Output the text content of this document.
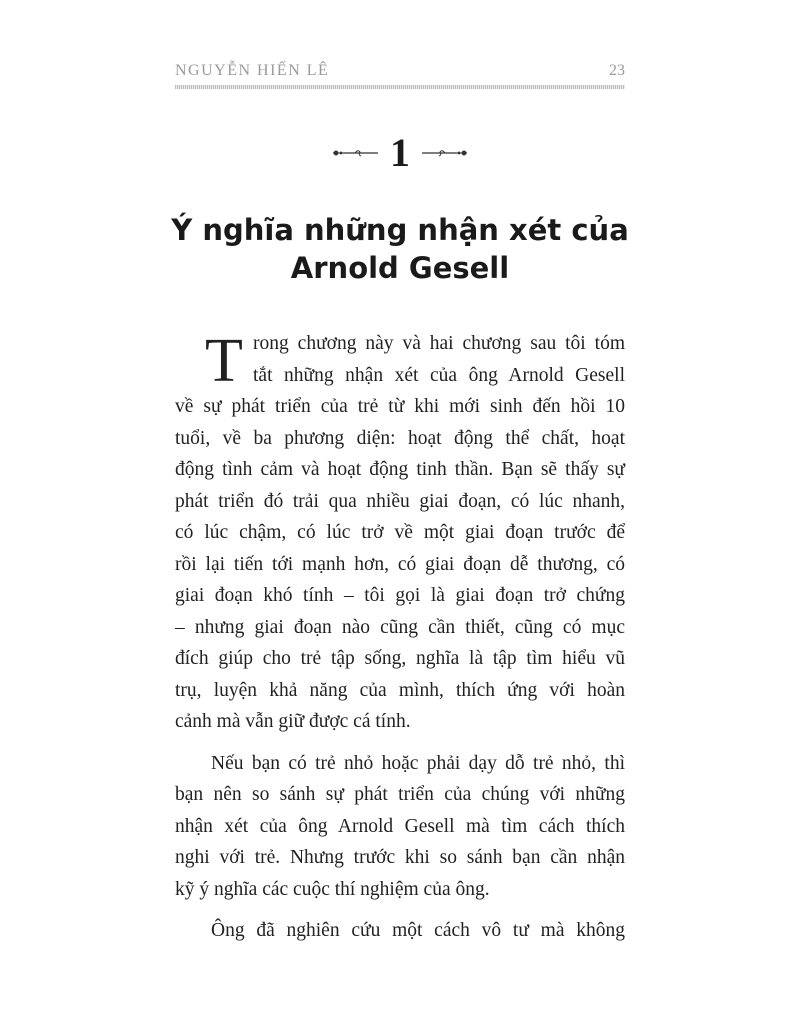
NGUYỄN HIẾN LÊ	23
1
Ý nghĩa những nhận xét của
Arnold Gesell
T rong chương này và hai chương sau tôi tóm
tắt những nhận xét của ông Arnold Gesell
về sự phát triển của trẻ từ khi mới sinh đến hồi 10
tuổi, về ba phương diện: hoạt động thể chất, hoạt
động tình cảm và hoạt động tinh thần. Bạn sẽ thấy sự
phát triển đó trải qua nhiều giai đoạn, có lúc nhanh,
có lúc chậm, có lúc trở về một giai đoạn trước để
rồi lại tiến tới mạnh hơn, có giai đoạn dễ thương, có
giai đoạn khó tính – tôi gọi là giai đoạn trở chứng
– nhưng giai đoạn nào cũng cần thiết, cũng có mục
đích giúp cho trẻ tập sống, nghĩa là tập tìm hiểu vũ
trụ, luyện khả năng của mình, thích ứng với hoàn
cảnh mà vẫn giữ được cá tính.
Nếu bạn có trẻ nhỏ hoặc phải dạy dỗ trẻ nhỏ, thì
bạn nên so sánh sự phát triển của chúng với những
nhận xét của ông Arnold Gesell mà tìm cách thích
nghi với trẻ. Nhưng trước khi so sánh bạn cần nhận
kỹ ý nghĩa các cuộc thí nghiệm của ông.
Ông đã nghiên cứu một cách vô tư mà không
